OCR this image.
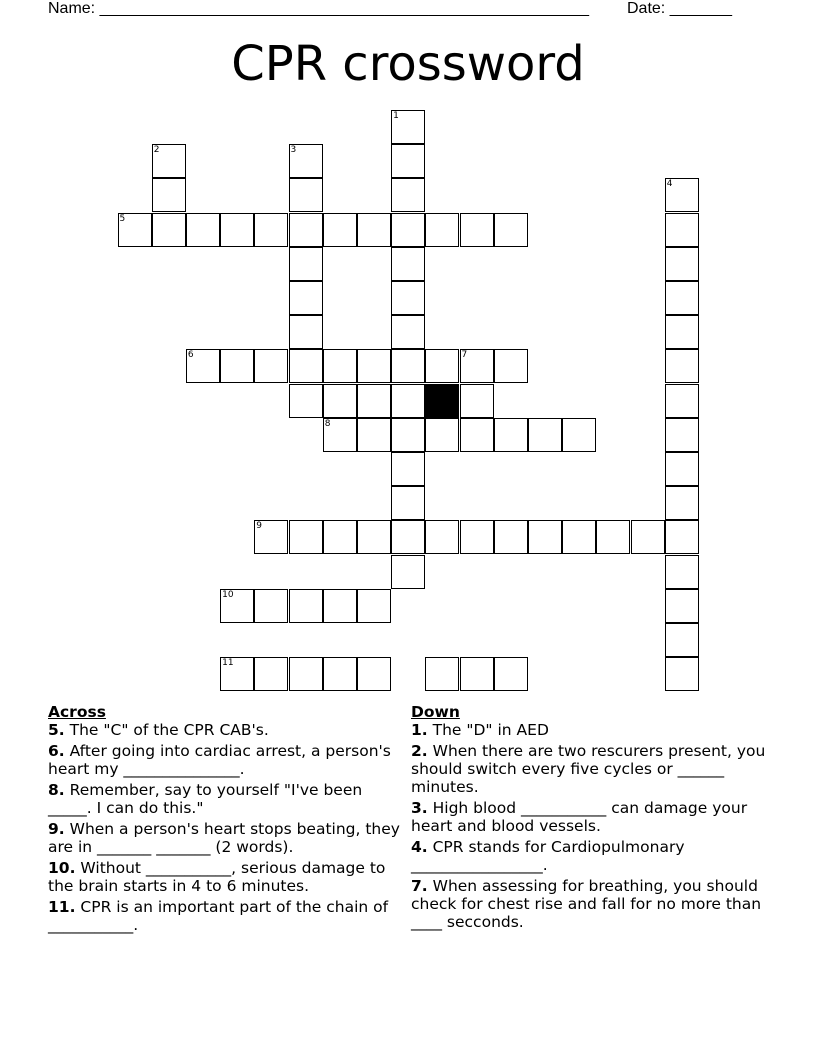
Name: _______________________________________________________ Date: _______
CPR crossword
1
2	3
4
5
6	7
8
9
10
11
Across
5. The "C" of the CPR CAB's.
6. After going into cardiac arrest, a person's heart my _______________.
8. Remember, say to yourself "I've been _____. I can do this."
9. When a person's heart stops beating, they are in _______ _______ (2 words).
10. Without ___________, serious damage to the brain starts in 4 to 6 minutes.
11. CPR is an important part of the chain of ___________.
Down
1. The "D" in AED
2. When there are two rescurers present, you should switch every five cycles or ______ minutes.
3. High blood ___________ can damage your heart and blood vessels.
4. CPR stands for Cardiopulmonary _________________.
7. When assessing for breathing, you should check for chest rise and fall for no more than ____ secconds.
